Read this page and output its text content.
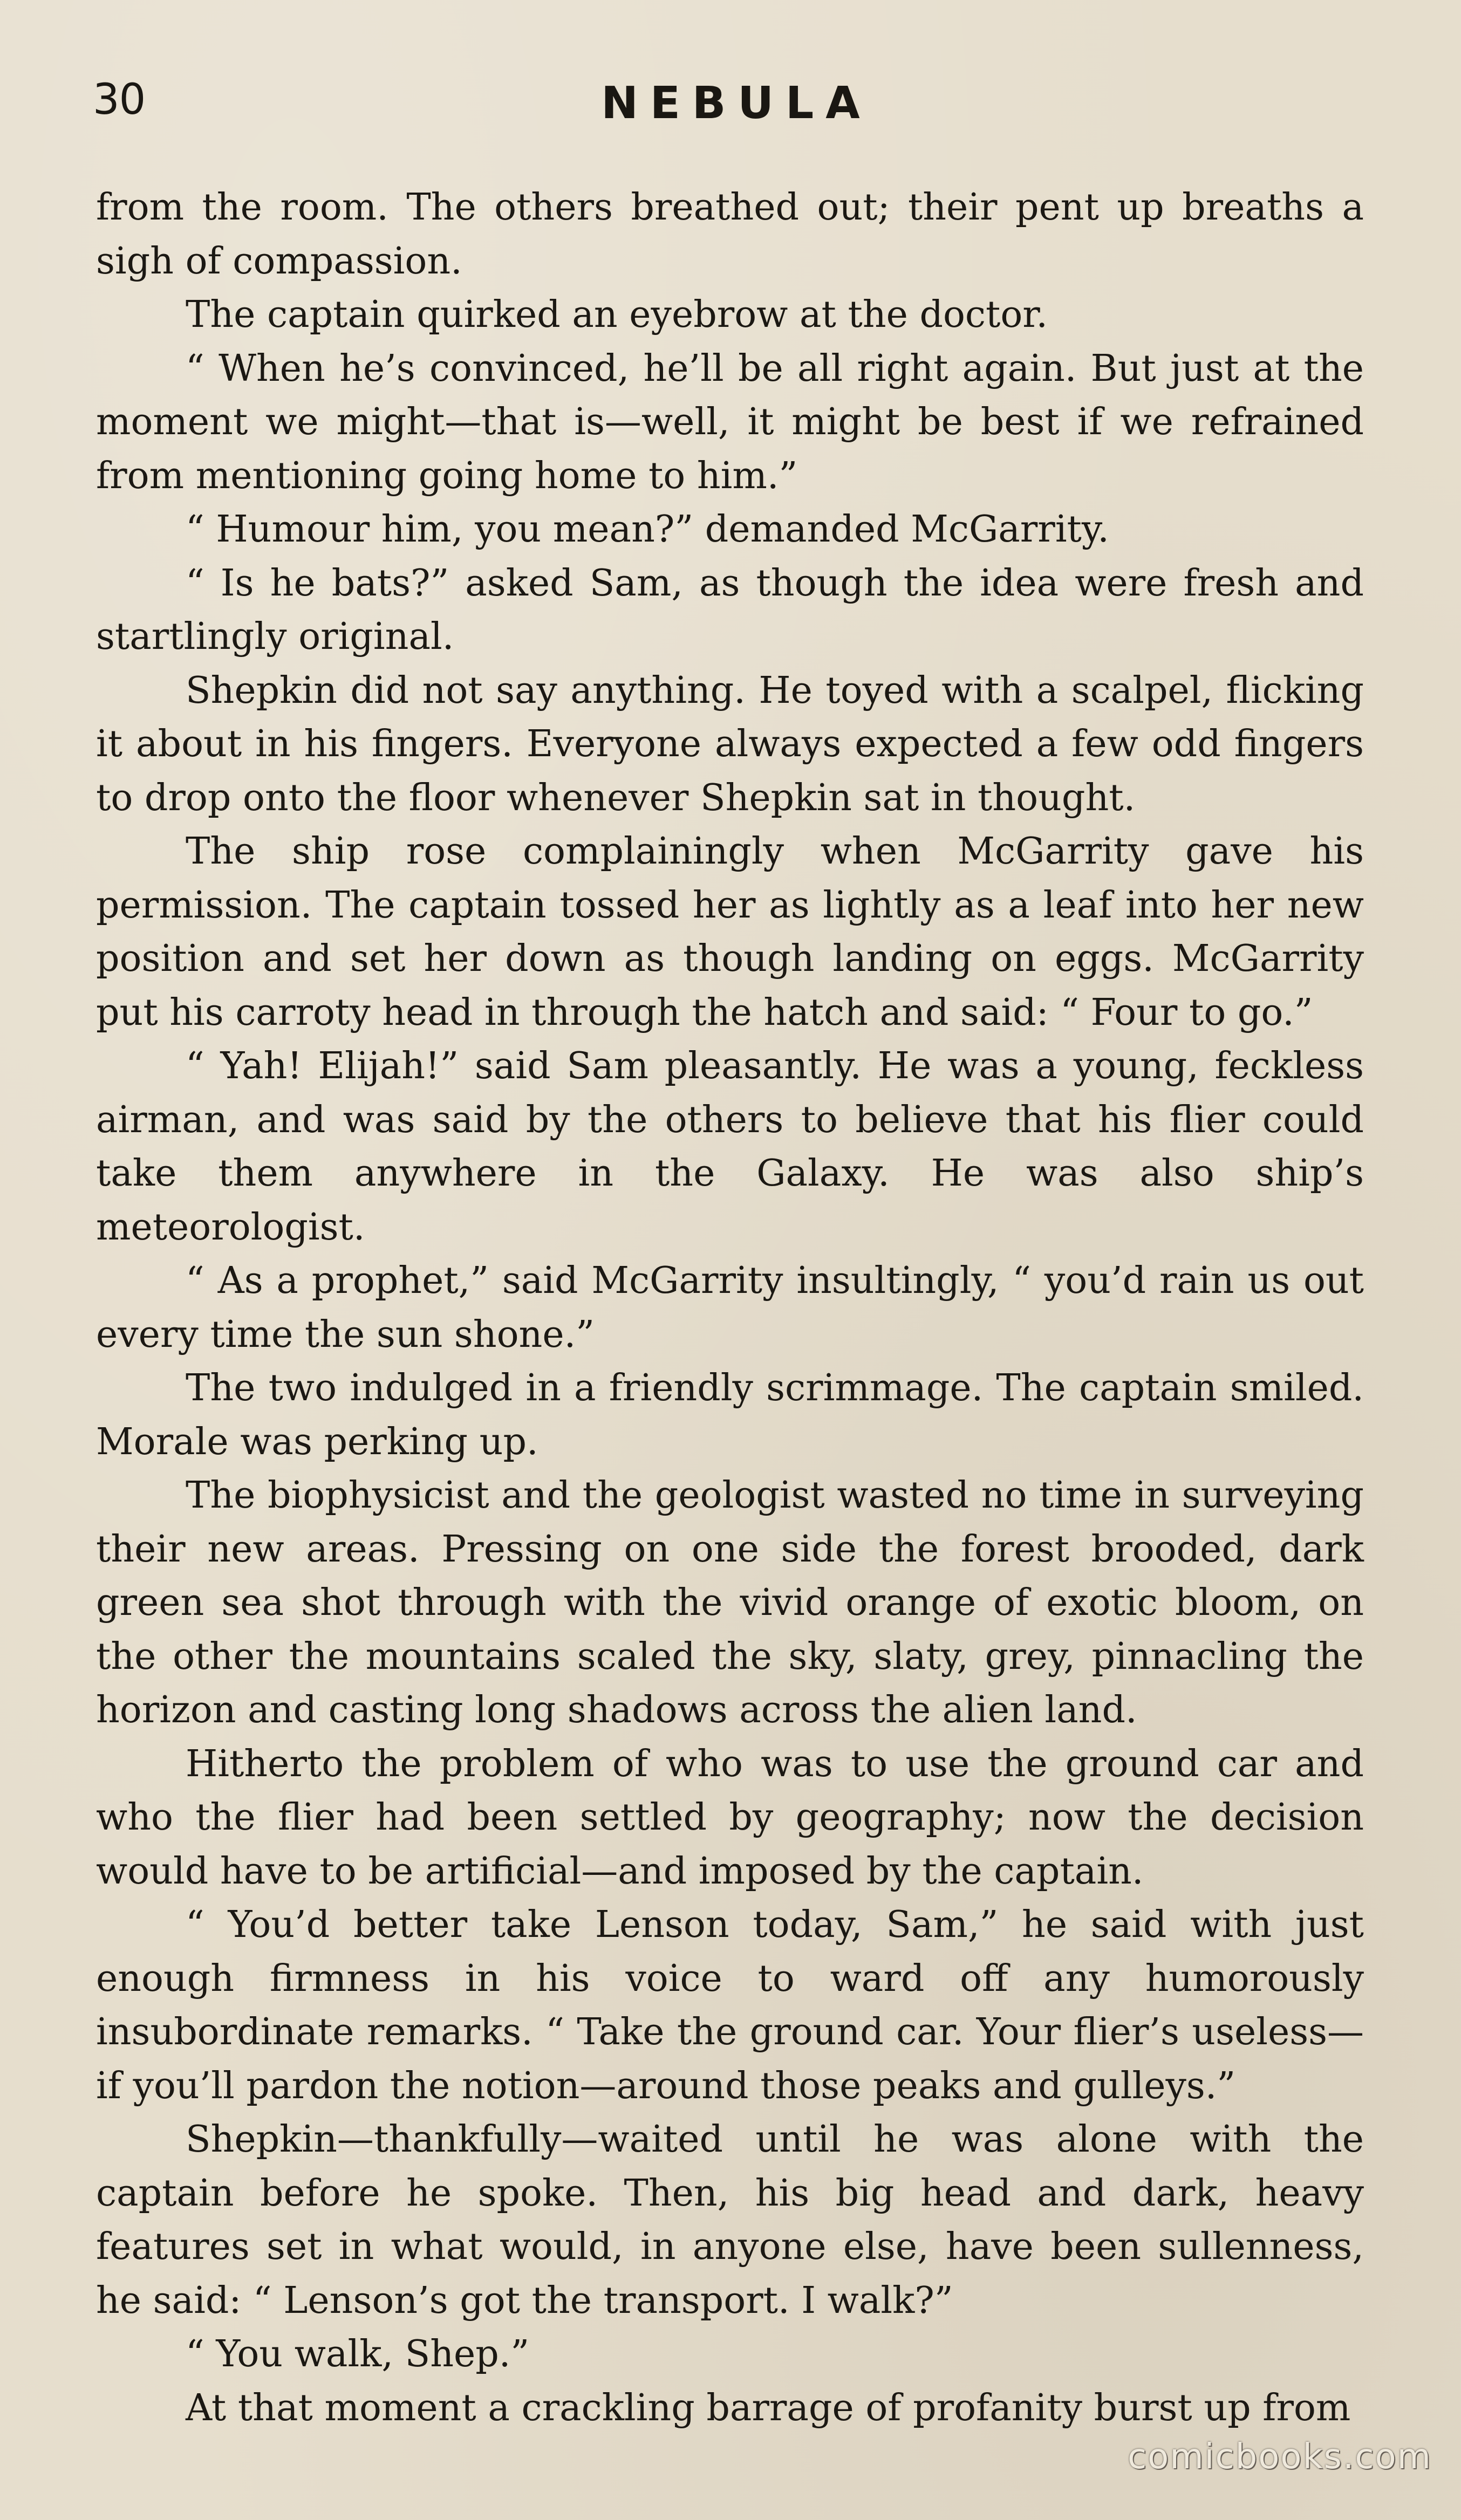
30	NEBULA

from the room. The others breathed out; their pent up breaths a sigh of compassion.

The captain quirked an eyebrow at the doctor.

“ When he’s convinced, he’ll be all right again. But just at the moment we might—that is—well, it might be best if we refrained from mentioning going home to him.”

“ Humour him, you mean?” demanded McGarrity.

“ Is he bats?” asked Sam, as though the idea were fresh and startlingly original.

Shepkin did not say anything. He toyed with a scalpel, flicking it about in his fingers. Everyone always expected a few odd fingers to drop onto the floor whenever Shepkin sat in thought.

The ship rose complainingly when McGarrity gave his permission. The captain tossed her as lightly as a leaf into her new position and set her down as though landing on eggs. McGarrity put his carroty head in through the hatch and said: “ Four to go.”

“ Yah! Elijah!” said Sam pleasantly. He was a young, feckless airman, and was said by the others to believe that his flier could take them anywhere in the Galaxy. He was also ship’s meteorologist.

“ As a prophet,” said McGarrity insultingly, “ you’d rain us out every time the sun shone.”

The two indulged in a friendly scrimmage. The captain smiled. Morale was perking up.

The biophysicist and the geologist wasted no time in surveying their new areas. Pressing on one side the forest brooded, dark green sea shot through with the vivid orange of exotic bloom, on the other the mountains scaled the sky, slaty, grey, pinnacling the horizon and casting long shadows across the alien land.

Hitherto the problem of who was to use the ground car and who the flier had been settled by geography; now the decision would have to be artificial—and imposed by the captain.

“ You’d better take Lenson today, Sam,” he said with just enough firmness in his voice to ward off any humorously insubordinate remarks. “ Take the ground car. Your flier’s useless—if you’ll pardon the notion—around those peaks and gulleys.”

Shepkin—thankfully—waited until he was alone with the captain before he spoke. Then, his big head and dark, heavy features set in what would, in anyone else, have been sullenness, he said: “ Lenson’s got the transport. I walk?”

“ You walk, Shep.”

At that moment a crackling barrage of profanity burst up from

comicbooks.com
